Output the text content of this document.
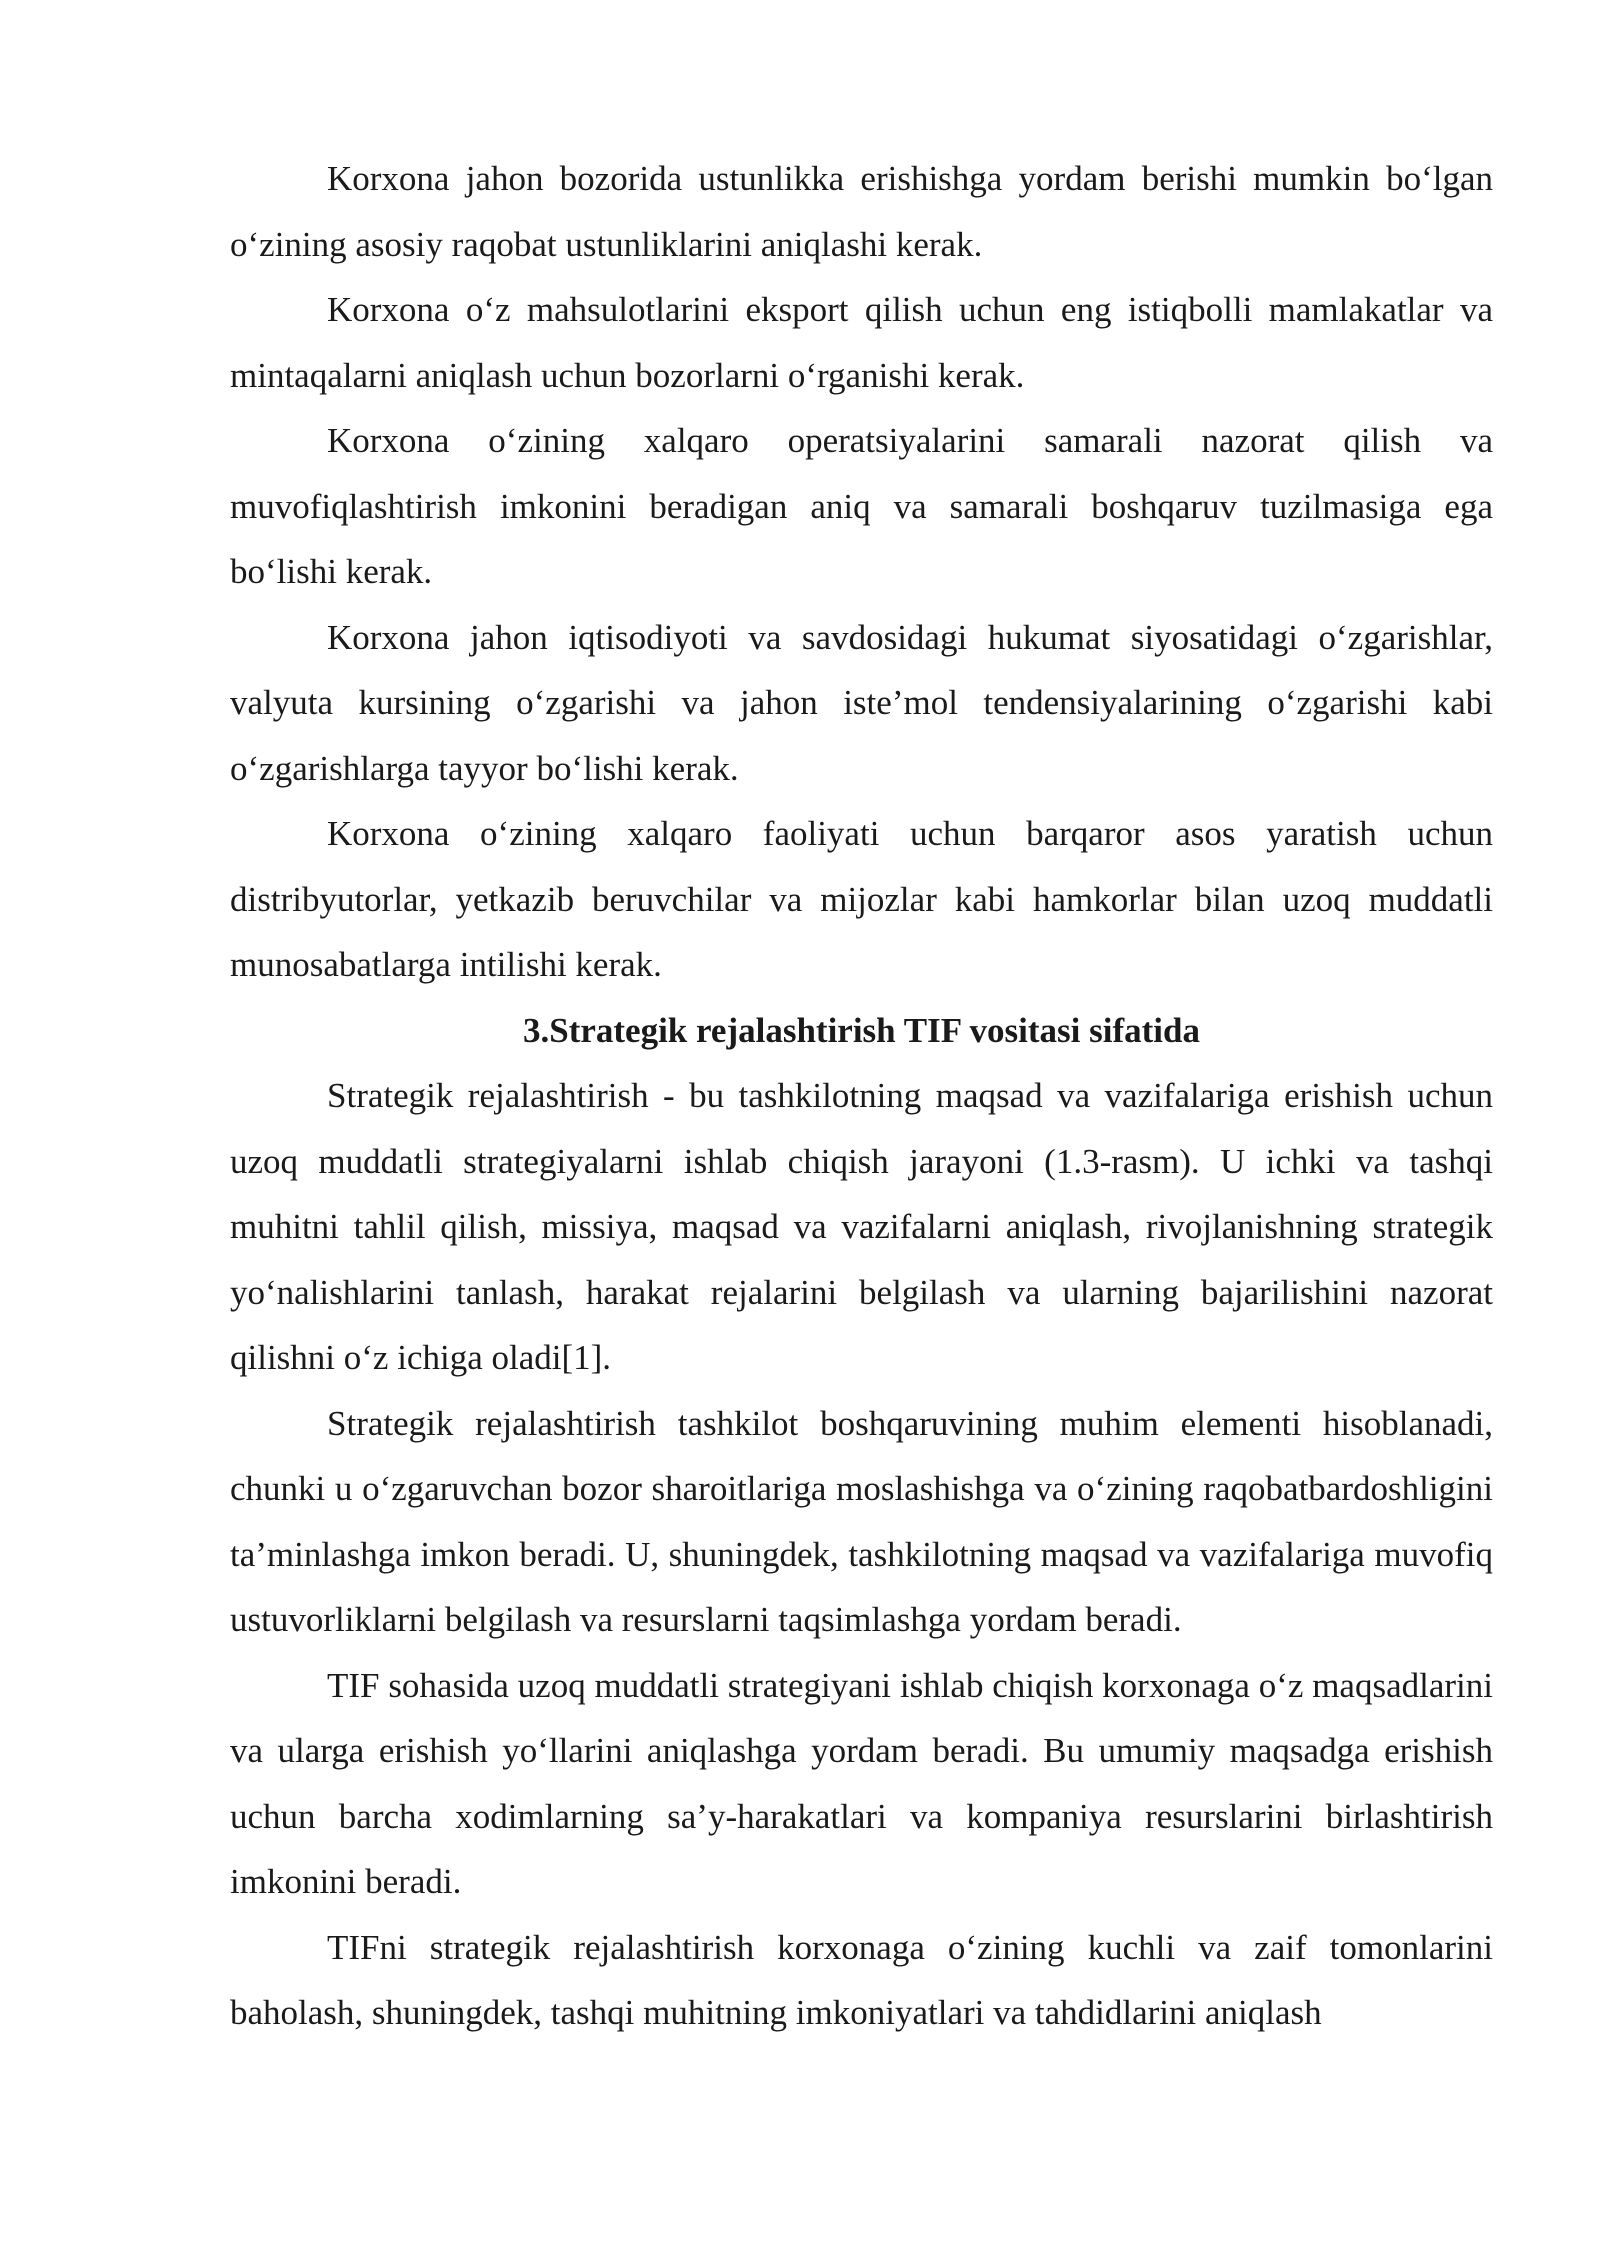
Korxona jahon bozorida ustunlikka erishishga yordam berishi mumkin bo‘lgan o‘zining asosiy raqobat ustunliklarini aniqlashi kerak.

Korxona o‘z mahsulotlarini eksport qilish uchun eng istiqbolli mamlakatlar va mintaqalarni aniqlash uchun bozorlarni o‘rganishi kerak.

Korxona o‘zining xalqaro operatsiyalarini samarali nazorat qilish va muvofiqlashtirish imkonini beradigan aniq va samarali boshqaruv tuzilmasiga ega bo‘lishi kerak.

Korxona jahon iqtisodiyoti va savdosidagi hukumat siyosatidagi o‘zgarishlar, valyuta kursining o‘zgarishi va jahon iste’mol tendensiyalarining o‘zgarishi kabi o‘zgarishlarga tayyor bo‘lishi kerak.

Korxona o‘zining xalqaro faoliyati uchun barqaror asos yaratish uchun distribyutorlar, yetkazib beruvchilar va mijozlar kabi hamkorlar bilan uzoq muddatli munosabatlarga intilishi kerak.

3.Strategik rejalashtirish TIF vositasi sifatida

Strategik rejalashtirish - bu tashkilotning maqsad va vazifalariga erishish uchun uzoq muddatli strategiyalarni ishlab chiqish jarayoni (1.3-rasm). U ichki va tashqi muhitni tahlil qilish, missiya, maqsad va vazifalarni aniqlash, rivojlanishning strategik yo‘nalishlarini tanlash, harakat rejalarini belgilash va ularning bajarilishini nazorat qilishni o‘z ichiga oladi[1].

Strategik rejalashtirish tashkilot boshqaruvining muhim elementi hisoblanadi, chunki u o‘zgaruvchan bozor sharoitlariga moslashishga va o‘zining raqobatbardoshligini ta’minlashga imkon beradi. U, shuningdek, tashkilotning maqsad va vazifalariga muvofiq ustuvorliklarni belgilash va resurslarni taqsimlashga yordam beradi.

TIF sohasida uzoq muddatli strategiyani ishlab chiqish korxonaga o‘z maqsadlarini va ularga erishish yo‘llarini aniqlashga yordam beradi. Bu umumiy maqsadga erishish uchun barcha xodimlarning sa’y-harakatlari va kompaniya resurslarini birlashtirish imkonini beradi.

TIFni strategik rejalashtirish korxonaga o‘zining kuchli va zaif tomonlarini baholash, shuningdek, tashqi muhitning imkoniyatlari va tahdidlarini aniqlash
